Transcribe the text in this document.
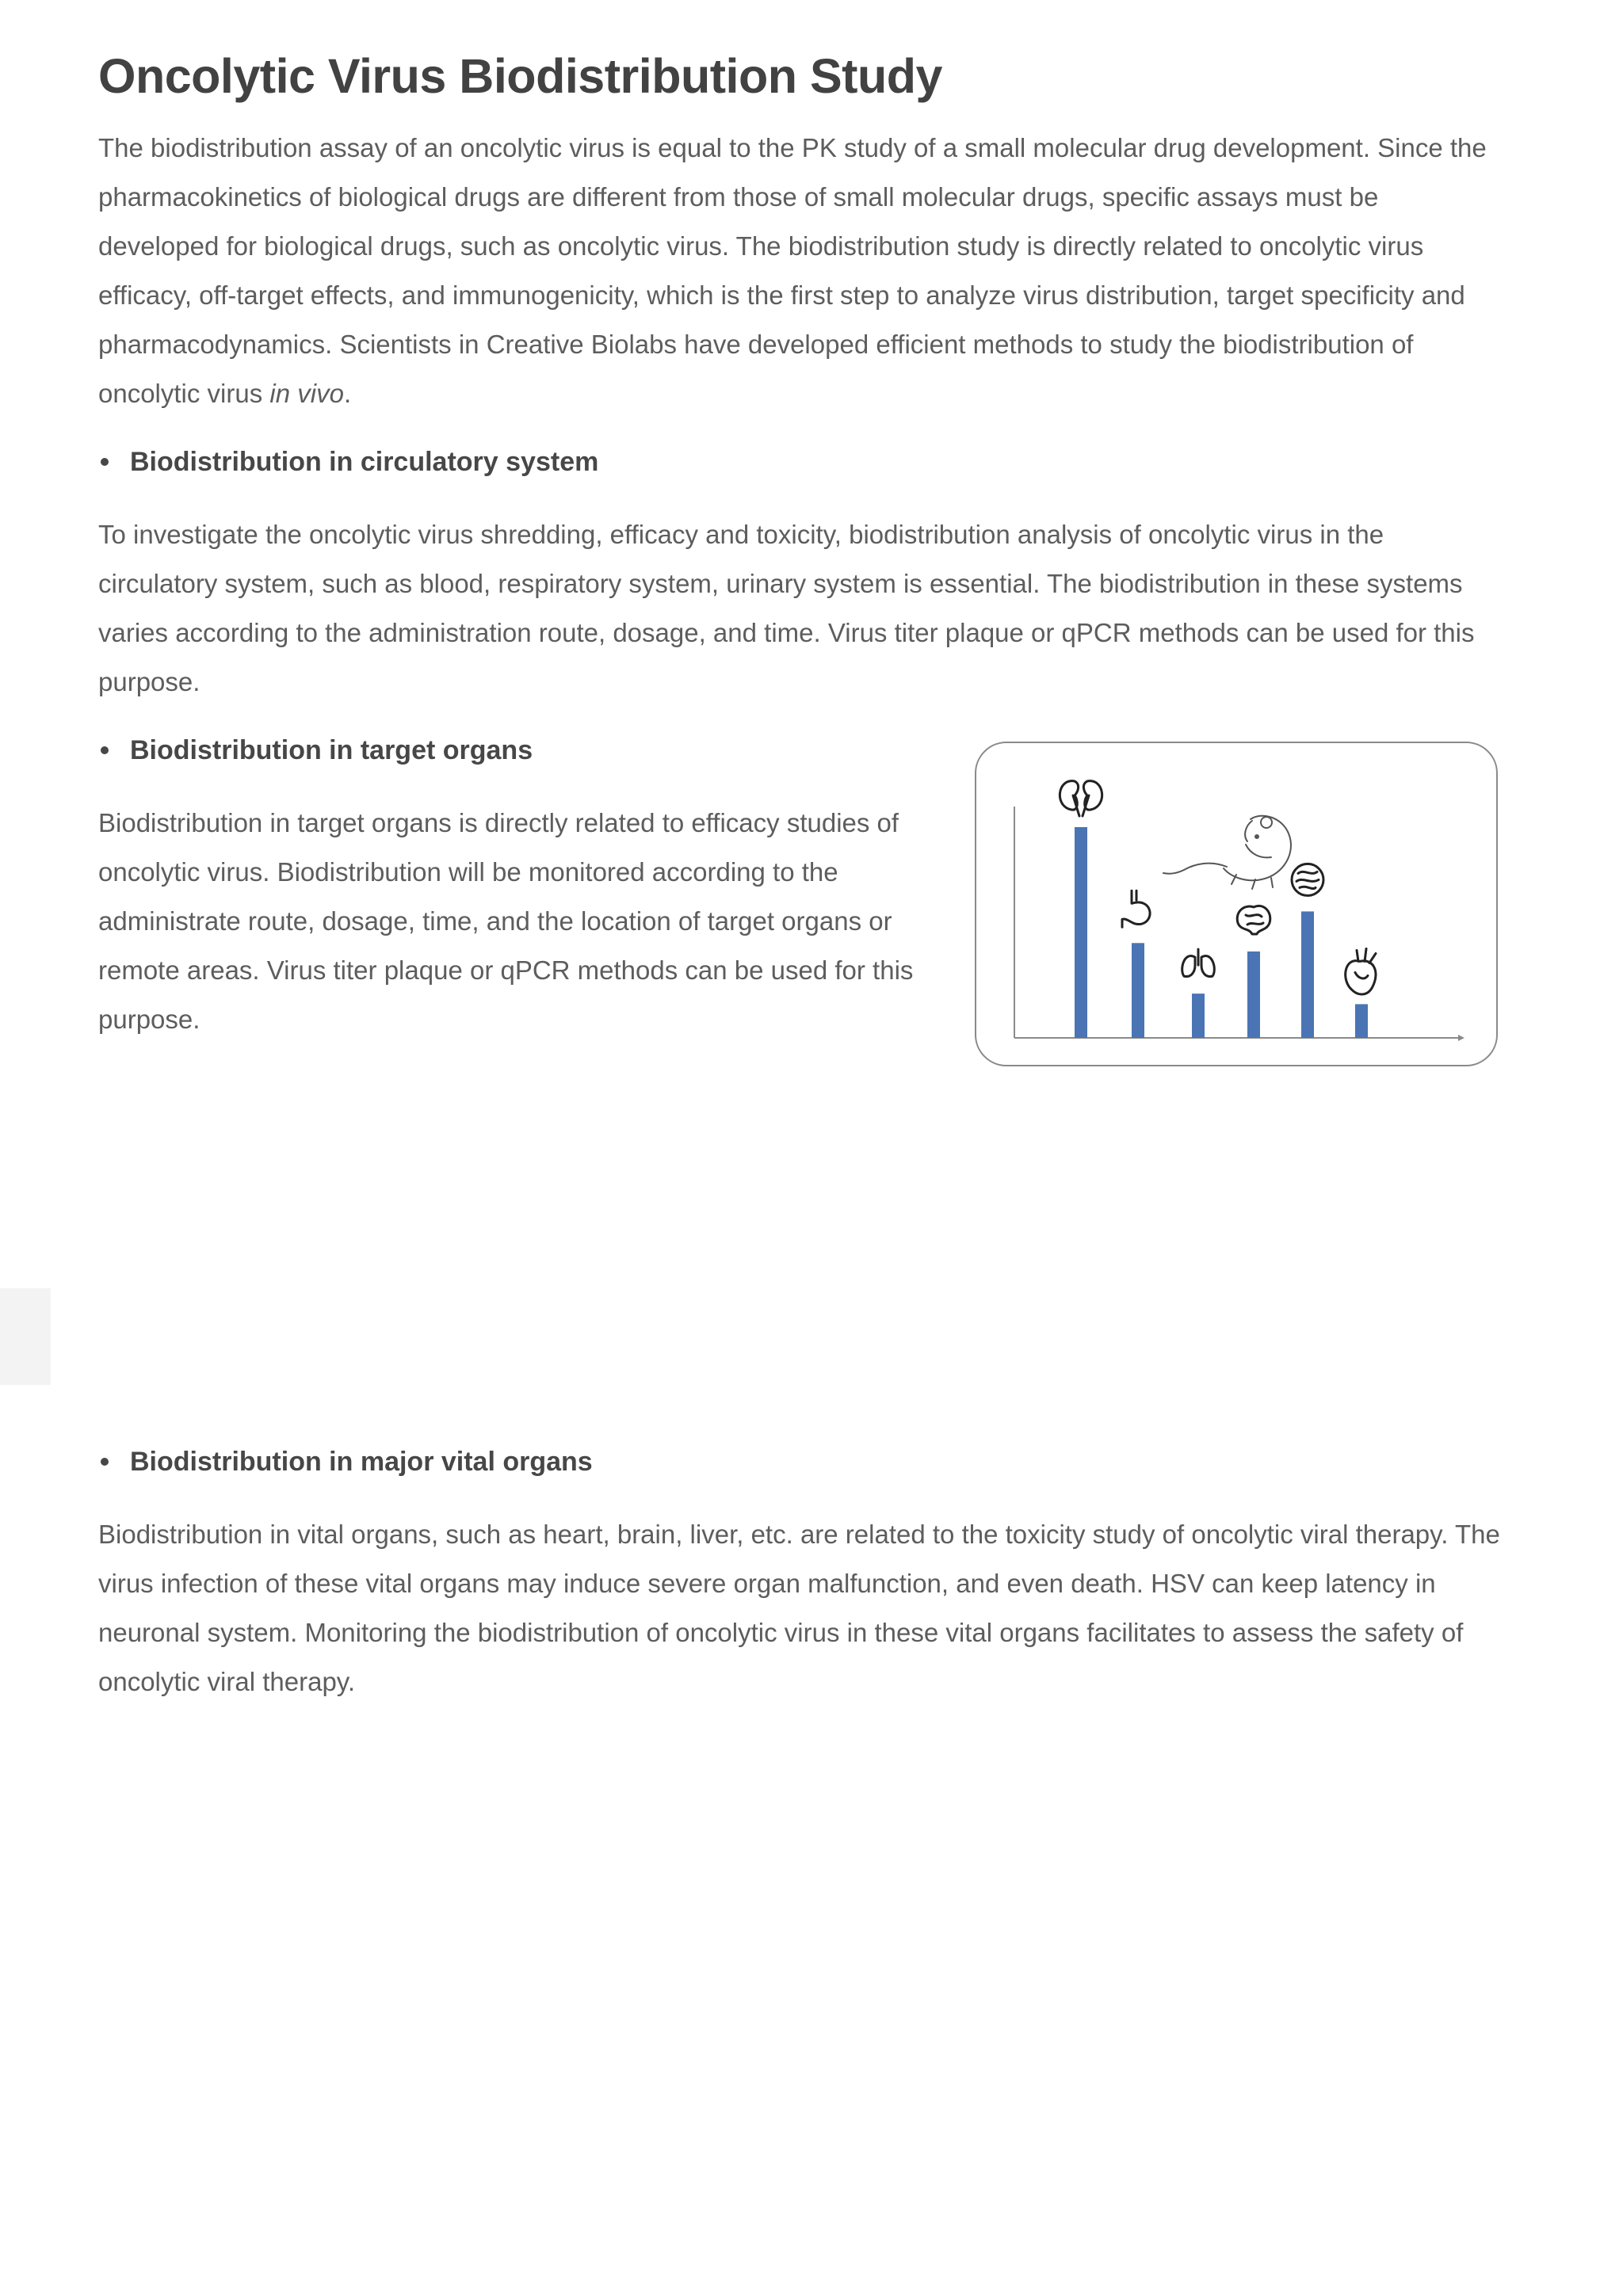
Oncolytic Virus Biodistribution Study

The biodistribution assay of an oncolytic virus is equal to the PK study of a small molecular drug development. Since the pharmacokinetics of biological drugs are different from those of small molecular drugs, specific assays must be developed for biological drugs, such as oncolytic virus. The biodistribution study is directly related to oncolytic virus efficacy, off-target effects, and immunogenicity, which is the first step to analyze virus distribution, target specificity and pharmacodynamics. Scientists in Creative Biolabs have developed efficient methods to study the biodistribution of oncolytic virus in vivo.

Biodistribution in circulatory system

To investigate the oncolytic virus shredding, efficacy and toxicity, biodistribution analysis of oncolytic virus in the circulatory system, such as blood, respiratory system, urinary system is essential. The biodistribution in these systems varies according to the administration route, dosage, and time. Virus titer plaque or qPCR methods can be used for this purpose.

Biodistribution in target organs

Biodistribution in target organs is directly related to efficacy studies of oncolytic virus. Biodistribution will be monitored according to the administrate route, dosage, time, and the location of target organs or remote areas. Virus titer plaque or qPCR methods can be used for this purpose.

Biodistribution in major vital organs

Biodistribution in vital organs, such as heart, brain, liver, etc. are related to the toxicity study of oncolytic viral therapy. The virus infection of these vital organs may induce severe organ malfunction, and even death. HSV can keep latency in neuronal system. Monitoring the biodistribution of oncolytic virus in these vital organs facilitates to assess the safety of oncolytic viral therapy.
